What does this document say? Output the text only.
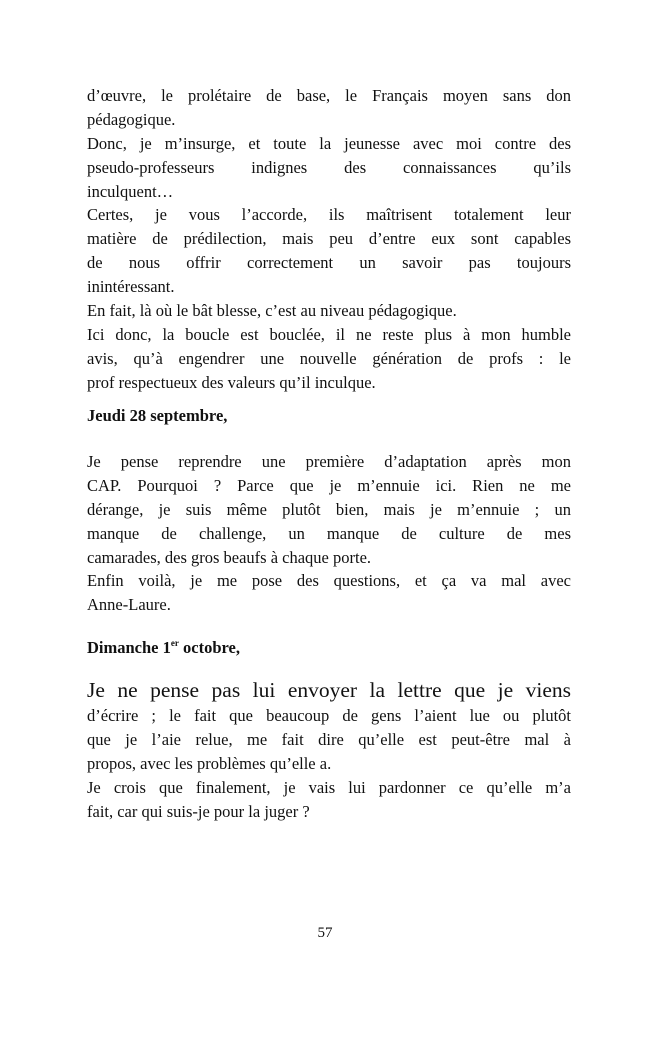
d’œuvre, le prolétaire de base, le Français moyen sans don
pédagogique.
Donc, je m’insurge, et toute la jeunesse avec moi contre des
pseudo-professeurs indignes des connaissances qu’ils
inculquent…
Certes, je vous l’accorde, ils maîtrisent totalement leur
matière de prédilection, mais peu d’entre eux sont capables
de nous offrir correctement un savoir pas toujours
inintéressant.
En fait, là où le bât blesse, c’est au niveau pédagogique.
Ici donc, la boucle est bouclée, il ne reste plus à mon humble
avis, qu’à engendrer une nouvelle génération de profs : le
prof respectueux des valeurs qu’il inculque.
Jeudi 28 septembre,
Je pense reprendre une première d’adaptation après mon
CAP. Pourquoi ? Parce que je m’ennuie ici. Rien ne me
dérange, je suis même plutôt bien, mais je m’ennuie ; un
manque de challenge, un manque de culture de mes
camarades, des gros beaufs à chaque porte.
Enfin voilà, je me pose des questions, et ça va mal avec
Anne-Laure.
Dimanche 1er octobre,
Je ne pense pas lui envoyer la lettre que je viens
d’écrire ; le fait que beaucoup de gens l’aient lue ou plutôt
que je l’aie relue, me fait dire qu’elle est peut-être mal à
propos, avec les problèmes qu’elle a.
Je crois que finalement, je vais lui pardonner ce qu’elle m’a
fait, car qui suis-je pour la juger ?
57
